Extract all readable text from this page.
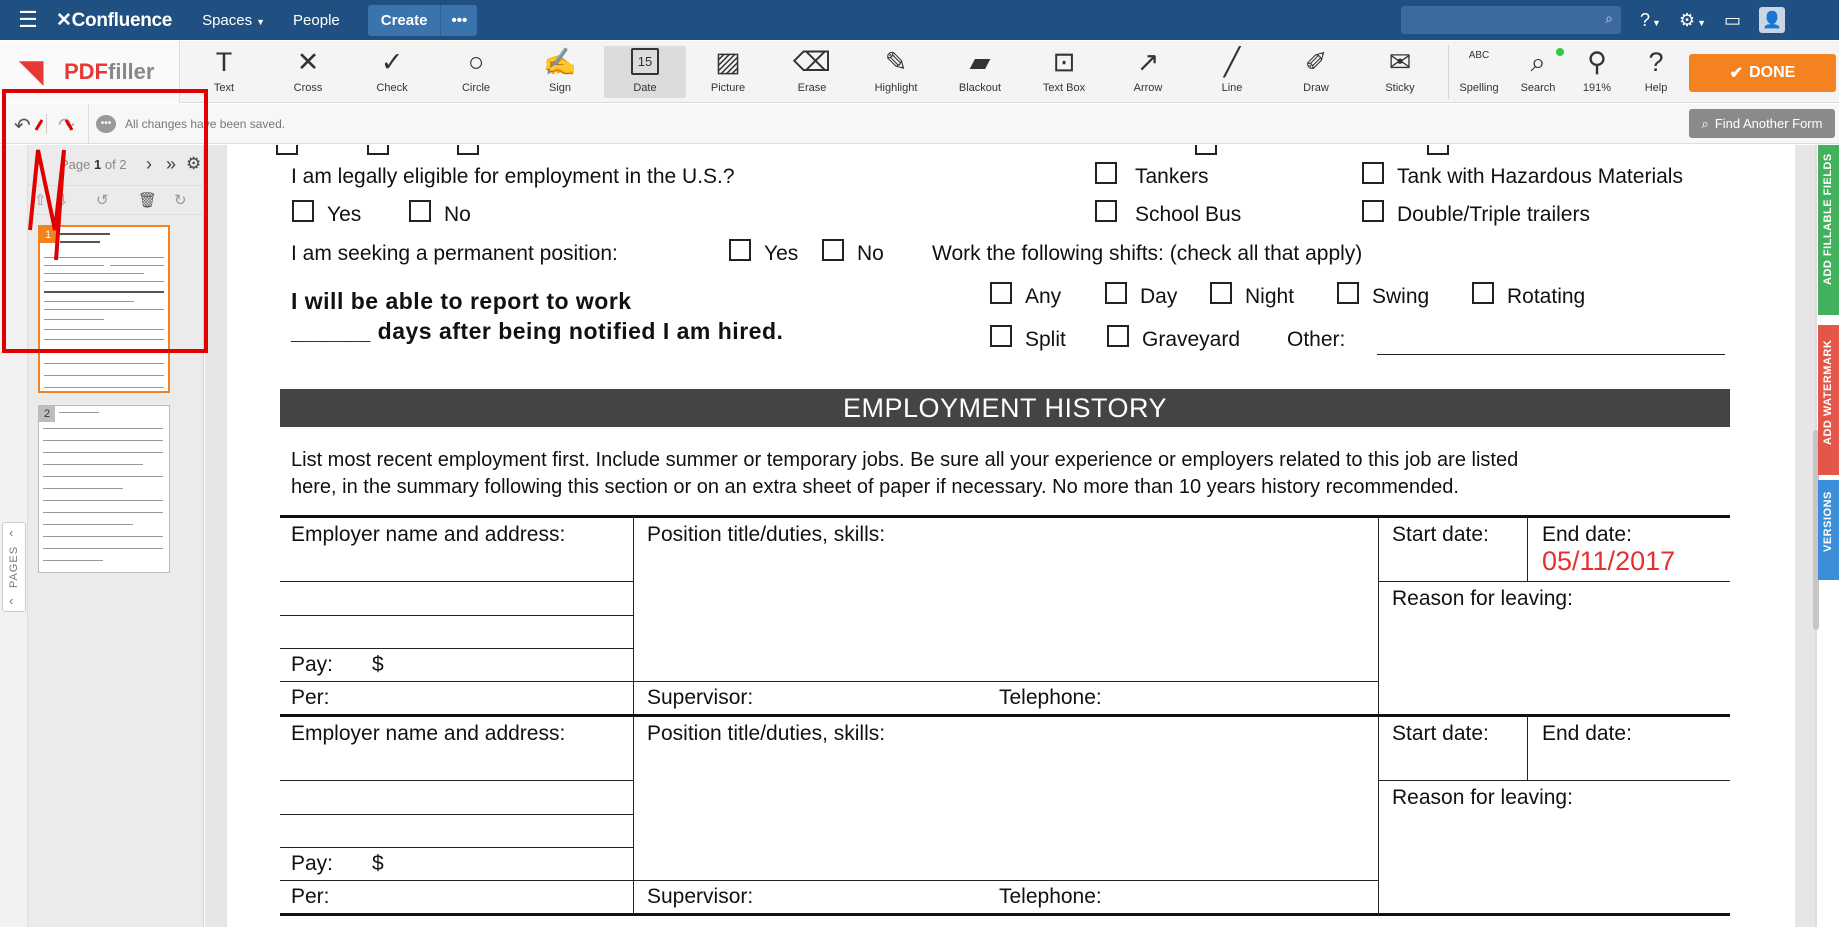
☰ ✕Confluence Spaces ▼ People	Create	•••	⌕ ? ▼ ⚙ ▼ ▭ 👤
◥ PDFfiller	T
Text
✕
Cross
✓
Check
○
Circle
✍
Sign
15
Date
▨
Picture
⌫
Erase
✎
Highlight
▰
Blackout
⊡
Text Box
↗
Arrow
╱
Line
✐
Draw
✉
Sticky
ABC
Spelling
⌕
Search
⚲
191%
?
Help
✔ DONE
↶ ↷	•••	All changes have been saved.	⌕ Find Another Form
Page 1 of 2 › » ⚙
⇧ ⇩ ↺ 🗑 ↻
‹
PAGES
‹
1
2
I am legally eligible for employment in the U.S.?	Tankers	Tank with Hazardous Materials
Yes	No	School Bus	Double/Triple trailers
I am seeking a permanent position:	Yes	No Work the following shifts: (check all that apply)
I will be able to report to work
______ days after being notified I am hired.
Any	Day	Night	Swing	Rotating
Split	Graveyard Other:
EMPLOYMENT HISTORY
List most recent employment first. Include summer or temporary jobs. Be sure all your experience or employers related to this job are listed
here, in the summary following this section or on an extra sheet of paper if necessary. No more than 10 years history recommended.
Employer name and address:	Position title/duties, skills:	Start date:	End date:
05/11/2017
Reason for leaving:
Pay: $
Per:	Supervisor:	Telephone:
Employer name and address:	Position title/duties, skills:	Start date:	End date:
Reason for leaving:
Pay: $
Per:	Supervisor:	Telephone:
ADD FILLABLE FIELDS
ADD WATERMARK
VERSIONS
